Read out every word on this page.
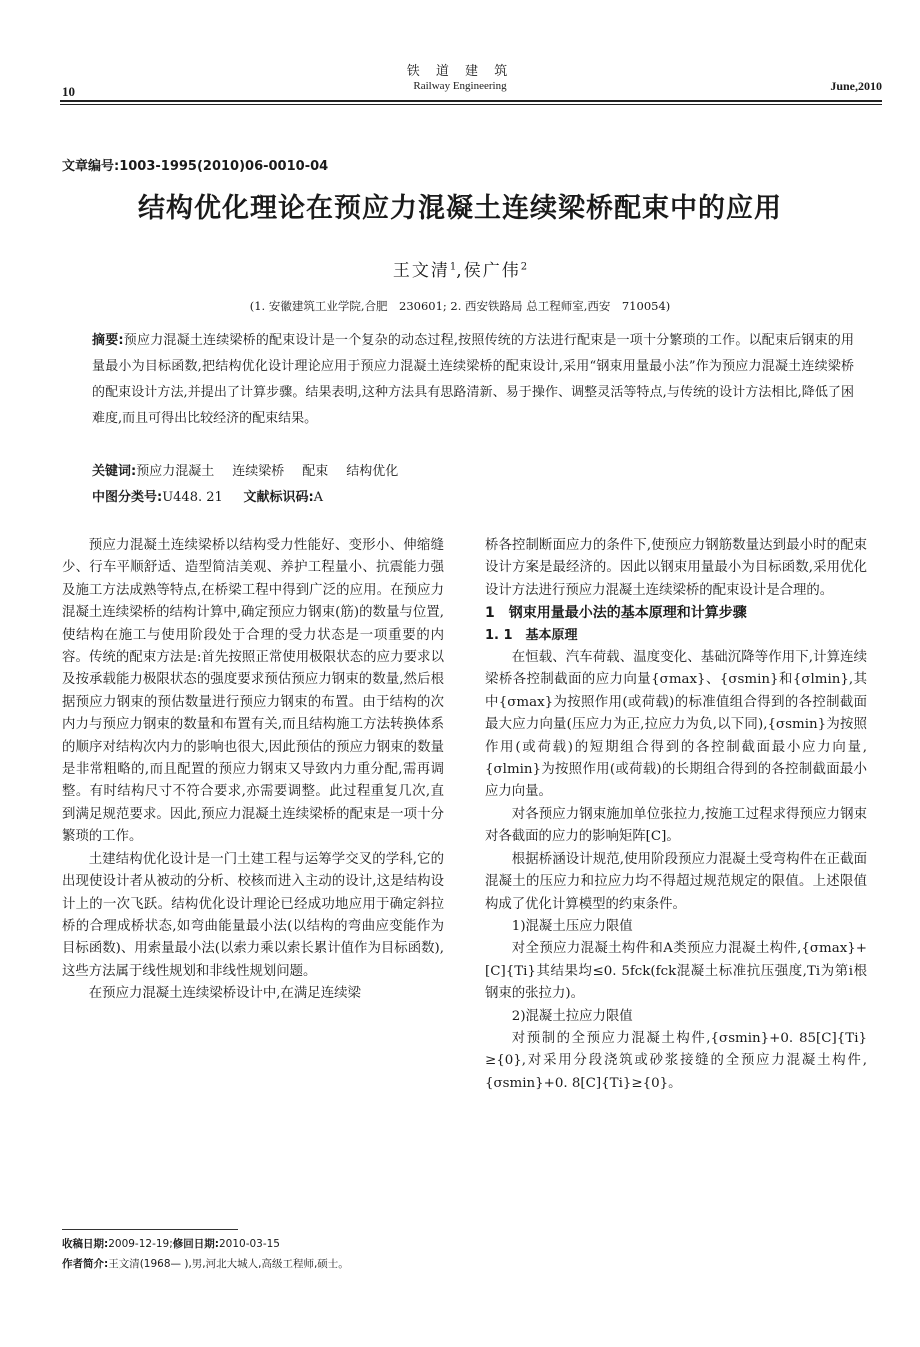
铁 道 建 筑
Railway Engineering
10	June,2010
文章编号:1003-1995(2010)06-0010-04
结构优化理论在预应力混凝土连续梁桥配束中的应用
王文清$^1$,侯广伟$^2$
(1. 安徽建筑工业学院,合肥　230601; 2. 西安铁路局 总工程师室,西安　710054)
摘要:预应力混凝土连续梁桥的配束设计是一个复杂的动态过程,按照传统的方法进行配束是一项十分繁琐的工作。以配束后钢束的用量最小为目标函数,把结构优化设计理论应用于预应力混凝土连续梁桥的配束设计,采用“钢束用量最小法”作为预应力混凝土连续梁桥的配束设计方法,并提出了计算步骤。结果表明,这种方法具有思路清新、易于操作、调整灵活等特点,与传统的设计方法相比,降低了困难度,而且可得出比较经济的配束结果。
关键词:预应力混凝土 连续梁桥 配束 结构优化
中图分类号:U448. 21 文献标识码:A

预应力混凝土连续梁桥以结构受力性能好、变形小、伸缩缝少、行车平顺舒适、造型简洁美观、养护工程量小、抗震能力强及施工方法成熟等特点,在桥梁工程中得到广泛的应用。在预应力混凝土连续梁桥的结构计算中,确定预应力钢束(筋)的数量与位置,使结构在施工与使用阶段处于合理的受力状态是一项重要的内容。传统的配束方法是:首先按照正常使用极限状态的应力要求以及按承载能力极限状态的强度要求预估预应力钢束的数量,然后根据预应力钢束的预估数量进行预应力钢束的布置。由于结构的次内力与预应力钢束的数量和布置有关,而且结构施工方法转换体系的顺序对结构次内力的影响也很大,因此预估的预应力钢束的数量是非常粗略的,而且配置的预应力钢束又导致内力重分配,需再调整。有时结构尺寸不符合要求,亦需要调整。此过程重复几次,直到满足规范要求。因此,预应力混凝土连续梁桥的配束是一项十分繁琐的工作。

土建结构优化设计是一门土建工程与运筹学交叉的学科,它的出现使设计者从被动的分析、校核而进入主动的设计,这是结构设计上的一次飞跃。结构优化设计理论已经成功地应用于确定斜拉桥的合理成桥状态,如弯曲能量最小法(以结构的弯曲应变能作为目标函数)、用索量最小法(以索力乘以索长累计值作为目标函数),这些方法属于线性规划和非线性规划问题。

在预应力混凝土连续梁桥设计中,在满足连续梁

桥各控制断面应力的条件下,使预应力钢筋数量达到最小时的配束设计方案是最经济的。因此以钢束用量最小为目标函数,采用优化设计方法进行预应力混凝土连续梁桥的配束设计是合理的。

1　钢束用量最小法的基本原理和计算步骤

1. 1　基本原理

在恒载、汽车荷载、温度变化、基础沉降等作用下,计算连续梁桥各控制截面的应力向量{σmax}、{σsmin}和{σlmin},其中{σmax}为按照作用(或荷载)的标准值组合得到的各控制截面最大应力向量(压应力为正,拉应力为负,以下同),{σsmin}为按照作用(或荷载)的短期组合得到的各控制截面最小应力向量,{σlmin}为按照作用(或荷载)的长期组合得到的各控制截面最小应力向量。

对各预应力钢束施加单位张拉力,按施工过程求得预应力钢束对各截面的应力的影响矩阵[C]。

根据桥涵设计规范,使用阶段预应力混凝土受弯构件在正截面混凝土的压应力和拉应力均不得超过规范规定的限值。上述限值构成了优化计算模型的约束条件。

1)混凝土压应力限值

对全预应力混凝土构件和A类预应力混凝土构件,{σmax}+[C]{Ti}其结果均≤0. 5fck(fck混凝土标准抗压强度,Ti为第i根钢束的张拉力)。

2)混凝土拉应力限值

对预制的全预应力混凝土构件,{σsmin}+0. 85[C]{Ti}≥{0},对采用分段浇筑或砂浆接缝的全预应力混凝土构件,{σsmin}+0. 8[C]{Ti}≥{0}。

收稿日期:2009-12-19;修回日期:2010-03-15
作者简介:王文清(1968— ),男,河北大城人,高级工程师,硕士。
